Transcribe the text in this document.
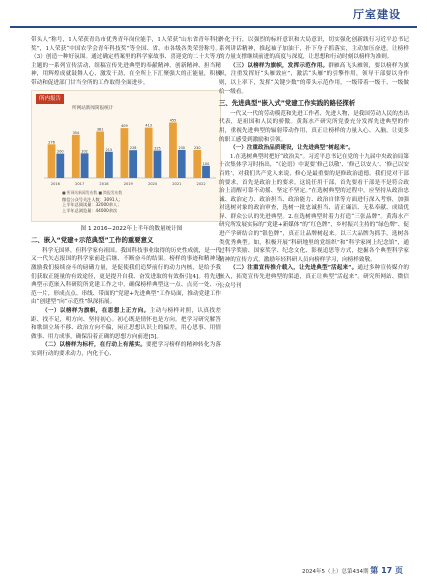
厅室建设

带头人”称号，1人荣获青岛市优秀青年岗位能手，1人荣获“山东省青年科技奖”，1人荣获“中国农学会青年科技奖”等全国、省、市各级各类荣誉称号。（3）创造一种好氛围。通过确定档案里的科学家故事、喜迎党的二十大等方主题的一系列宣传活动，组稿宣传先进典型的奉献精神、创新精神、担当精神，用辉煌成就鼓舞人心、激发干劲，在全所上下汇聚强大的正能量，积极带动和促进部门甘当全所的工作取得全面进步。

所内报告
所网站新闻简报统计
276
200
2016
354
202
2017
381
215
2018
409
228
2019
413
225
2020
455
230
2021
230
100
2022
■ 所网站新闻发布数 ■ 简报发布数
微信公众号关注人数：3091人；
上半年总阅读量：32000余人；
上半年总浏览量：44000余次

图 1 2016−2022年上半年的数量统计图

二、嵌入“党建+示范典型”工作的重要意义

科学无国界，但科学家有祖国。我国科技事业取得的历史性成就，是一代又一代矢志报国的科学家前赴后继、不断奋斗的结果。榜样的事迹和精神是激励我们接续奋斗的磅礴力量，是促使我们追梦前行的动力内核，是给予我们获取正能量的有效途径，更是提升自我、奋发进取的有效指引[4]。将先进典型示范嵌入科研院所党建工作之中，确保榜样典型这一点、点亮一处、示范一片，形成点点、串线、带面的“党建+先进典型”工作局面，推动党建工作由“创建型”向“示范性”纵深拓展。

（一）以榜样为旗帜，在思想上正方向。主动与榜样对照，认真找差距、找不足，明方向、坚持初心。初心既是情怀也是方向。把学习研究解答和歌颂立场不移、政治方向不偏，闲正思想认识上的偏差，用心思事、用情做事、用力成事，确保沿着正确的思想方向前进[5]。

（二）以榜样为标杆，在行动上有落实。要把学习榜样的精神转化为落实到行动的要求动力，内化于心、

外化于行，以强烈的标杆意识和大局意识，切实强化创新践行习近平总书记系列讲话精神，推起袖子加油干，扑下身子抓落实，主动加压奋进，让榜样的力量支撑继续前进的高度与深度，让思想和行动时刻以榜样为准则。

（三）以榜样为旗帜，发挥示范作用。群雁高飞头雁领，要以榜样为旗帜，注重发挥好“头雁效应”，激活“头雁”的引擎作用，领导干部要以身作则，以上率下，发挥“关键少数”的带头示范作用，一级带着一级干、一级做给一级看。

三、先进典型“嵌入式”党建工作实践的路径探析

一代又一代的劳动模范和先进工作者、先进人物，是我国劳动人民的杰出代表，是祖国和人民的骄傲。黄海水产研究所党委充分发挥先进典型的作用，重视先进典型的辐射带动作用，真正让榜样的力量入心、入脑，让更多的职工感受到激励和引领。

（一）注重政治品质建设，让先进典型“树起来”。

1.在选树典型时把好“政治关”。习近平总书记在党的十九届中央政治局第十次集体学习时指出，“《论语》中说要‘修己以敬’、‘修己以安人’、‘修己以安百姓’，对我们共产党人来说，修心是最重要的是修政治道德。我们党对干部的要求，首先是政治上的要求。这说任用干部，首先要看干部是不是符合政治上清醒可靠不动摇、坚定不坚定。”在选树典型的过程中，应坚持从政治忠诚、政治定力、政治担当、政治能力、政治自律等方面进行深入考察，加强对选树对象的政治审查，选树一批忠诚担当、清正廉洁、无私奉献、成绩优异、群众公认的先进典型。2.在选树典型时着力打造“三张品牌”。黄海水产研究所发展实际的“党建+新媒体”的“红色牌”，乡村振兴主持的“绿色牌”、促进产学研结合的“银色牌”，真正让品牌树起来。以三大品牌为抓手，选树各类优秀典型。如，积极开展“科研地里的党组织”和“科学家网上纪念馆”，通过科学奖励、国家奖学、纪念文化、影视追思等方式，挖掘各个典型科学家精神的宣传方式，激励年轻科研人员向榜样学习，向榜样致敬。

（二）注重宣传推介载入，让先进典型“活起来”。通过多种宣传媒介的嵌入，拓宽宣传先进典型的渠道，真正让典型“活起来”。研究所网站、微信公众号刊

2024年5（上）总第434期 第 17 页
